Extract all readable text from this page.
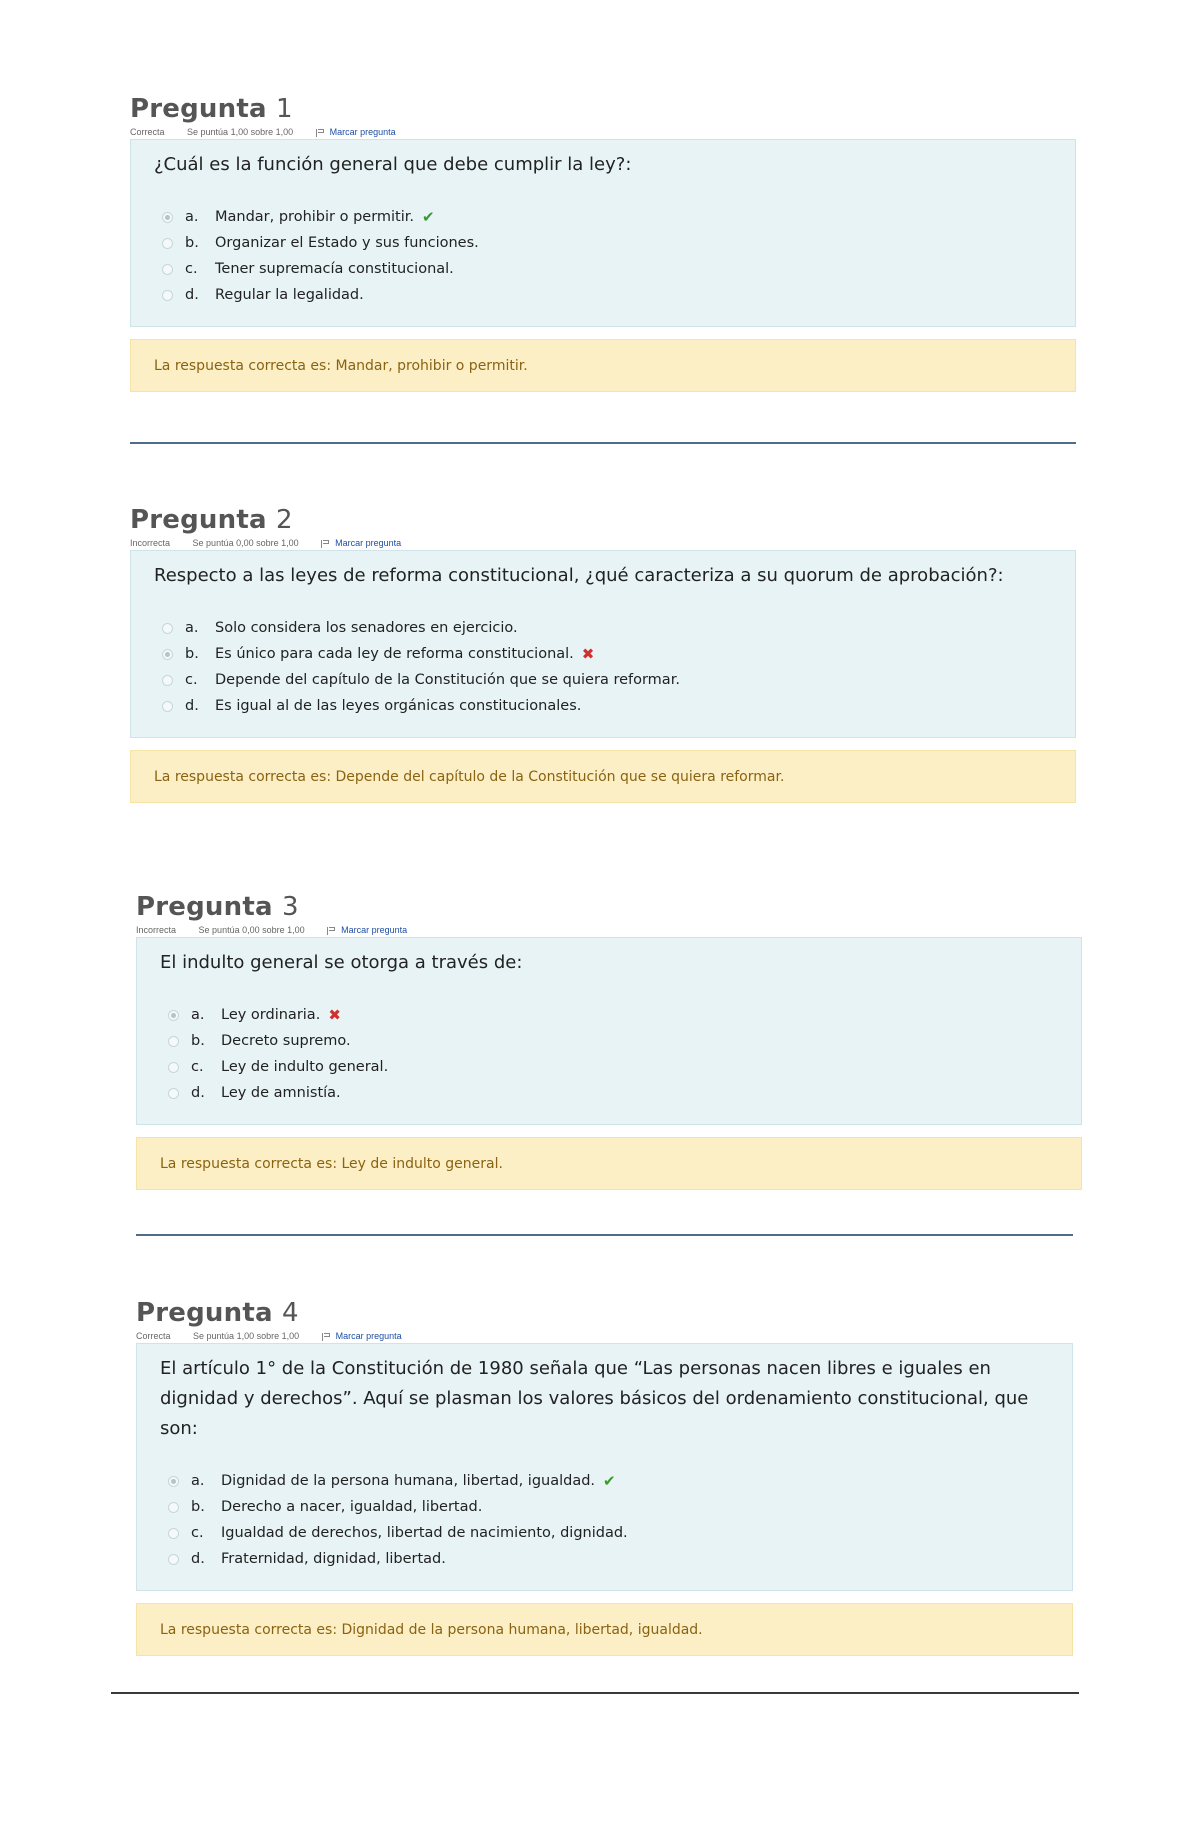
Pregunta 1
Correcta	Se puntúa 1,00 sobre 1,00	Marcar pregunta

¿Cuál es la función general que debe cumplir la ley?:

a.	Mandar, prohibir o permitir. ✔
b.	Organizar el Estado y sus funciones.
c.	Tener supremacía constitucional.
d.	Regular la legalidad.
La respuesta correcta es: Mandar, prohibir o permitir.
Pregunta 2
Incorrecta	Se puntúa 0,00 sobre 1,00	Marcar pregunta

Respecto a las leyes de reforma constitucional, ¿qué caracteriza a su quorum de aprobación?:

a.	Solo considera los senadores en ejercicio.
b.	Es único para cada ley de reforma constitucional. ✖
c.	Depende del capítulo de la Constitución que se quiera reformar.
d.	Es igual al de las leyes orgánicas constitucionales.
La respuesta correcta es: Depende del capítulo de la Constitución que se quiera reformar.
Pregunta 3
Incorrecta	Se puntúa 0,00 sobre 1,00	Marcar pregunta

El indulto general se otorga a través de:

a.	Ley ordinaria. ✖
b.	Decreto supremo.
c.	Ley de indulto general.
d.	Ley de amnistía.
La respuesta correcta es: Ley de indulto general.
Pregunta 4
Correcta	Se puntúa 1,00 sobre 1,00	Marcar pregunta

El artículo 1° de la Constitución de 1980 señala que “Las personas nacen libres e iguales en dignidad y derechos”. Aquí se plasman los valores básicos del ordenamiento constitucional, que son:

a.	Dignidad de la persona humana, libertad, igualdad. ✔
b.	Derecho a nacer, igualdad, libertad.
c.	Igualdad de derechos, libertad de nacimiento, dignidad.
d.	Fraternidad, dignidad, libertad.
La respuesta correcta es: Dignidad de la persona humana, libertad, igualdad.
